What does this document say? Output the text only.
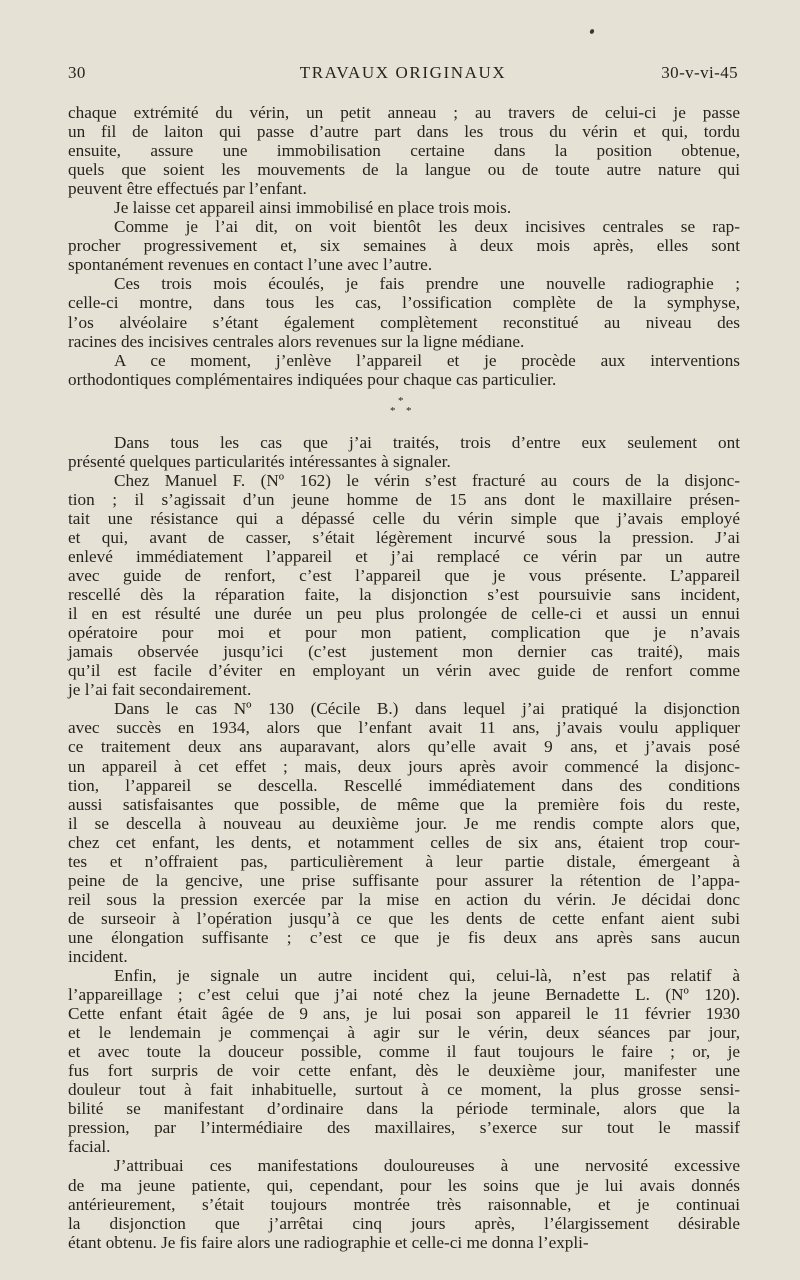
30	TRAVAUX ORIGINAUX	30-v-vi-45

chaque extrémité du vérin, un petit anneau ; au travers de celui-ci je passe
un fil de laiton qui passe d’autre part dans les trous du vérin et qui, tordu
ensuite, assure une immobilisation certaine dans la position obtenue,
quels que soient les mouvements de la langue ou de toute autre nature qui
peuvent être effectués par l’enfant.

Je laisse cet appareil ainsi immobilisé en place trois mois.

Comme je l’ai dit, on voit bientôt les deux incisives centrales se rap-
procher progressivement et, six semaines à deux mois après, elles sont
spontanément revenues en contact l’une avec l’autre.

Ces trois mois écoulés, je fais prendre une nouvelle radiographie ;
celle-ci montre, dans tous les cas, l’ossification complète de la symphyse,
l’os alvéolaire s’étant également complètement reconstitué au niveau des
racines des incisives centrales alors revenues sur la ligne médiane.

A ce moment, j’enlève l’appareil et je procède aux interventions
orthodontiques complémentaires indiquées pour chaque cas particulier.

*
* *

Dans tous les cas que j’ai traités, trois d’entre eux seulement ont
présenté quelques particularités intéressantes à signaler.

Chez Manuel F. (Nº 162) le vérin s’est fracturé au cours de la disjonc-
tion ; il s’agissait d’un jeune homme de 15 ans dont le maxillaire présen-
tait une résistance qui a dépassé celle du vérin simple que j’avais employé
et qui, avant de casser, s’était légèrement incurvé sous la pression. J’ai
enlevé immédiatement l’appareil et j’ai remplacé ce vérin par un autre
avec guide de renfort, c’est l’appareil que je vous présente. L’appareil
rescellé dès la réparation faite, la disjonction s’est poursuivie sans incident,
il en est résulté une durée un peu plus prolongée de celle-ci et aussi un ennui
opératoire pour moi et pour mon patient, complication que je n’avais
jamais observée jusqu’ici (c’est justement mon dernier cas traité), mais
qu’il est facile d’éviter en employant un vérin avec guide de renfort comme
je l’ai fait secondairement.

Dans le cas Nº 130 (Cécile B.) dans lequel j’ai pratiqué la disjonction
avec succès en 1934, alors que l’enfant avait 11 ans, j’avais voulu appliquer
ce traitement deux ans auparavant, alors qu’elle avait 9 ans, et j’avais posé
un appareil à cet effet ; mais, deux jours après avoir commencé la disjonc-
tion, l’appareil se descella. Rescellé immédiatement dans des conditions
aussi satisfaisantes que possible, de même que la première fois du reste,
il se descella à nouveau au deuxième jour. Je me rendis compte alors que,
chez cet enfant, les dents, et notamment celles de six ans, étaient trop cour-
tes et n’offraient pas, particulièrement à leur partie distale, émergeant à
peine de la gencive, une prise suffisante pour assurer la rétention de l’appa-
reil sous la pression exercée par la mise en action du vérin. Je décidai donc
de surseoir à l’opération jusqu’à ce que les dents de cette enfant aient subi
une élongation suffisante ; c’est ce que je fis deux ans après sans aucun
incident.

Enfin, je signale un autre incident qui, celui-là, n’est pas relatif à
l’appareillage ; c’est celui que j’ai noté chez la jeune Bernadette L. (Nº 120).
Cette enfant était âgée de 9 ans, je lui posai son appareil le 11 février 1930
et le lendemain je commençai à agir sur le vérin, deux séances par jour,
et avec toute la douceur possible, comme il faut toujours le faire ; or, je
fus fort surpris de voir cette enfant, dès le deuxième jour, manifester une
douleur tout à fait inhabituelle, surtout à ce moment, la plus grosse sensi-
bilité se manifestant d’ordinaire dans la période terminale, alors que la
pression, par l’intermédiaire des maxillaires, s’exerce sur tout le massif
facial.

J’attribuai ces manifestations douloureuses à une nervosité excessive
de ma jeune patiente, qui, cependant, pour les soins que je lui avais donnés
antérieurement, s’était toujours montrée très raisonnable, et je continuai
la disjonction que j’arrêtai cinq jours après, l’élargissement désirable
étant obtenu. Je fis faire alors une radiographie et celle-ci me donna l’expli-
